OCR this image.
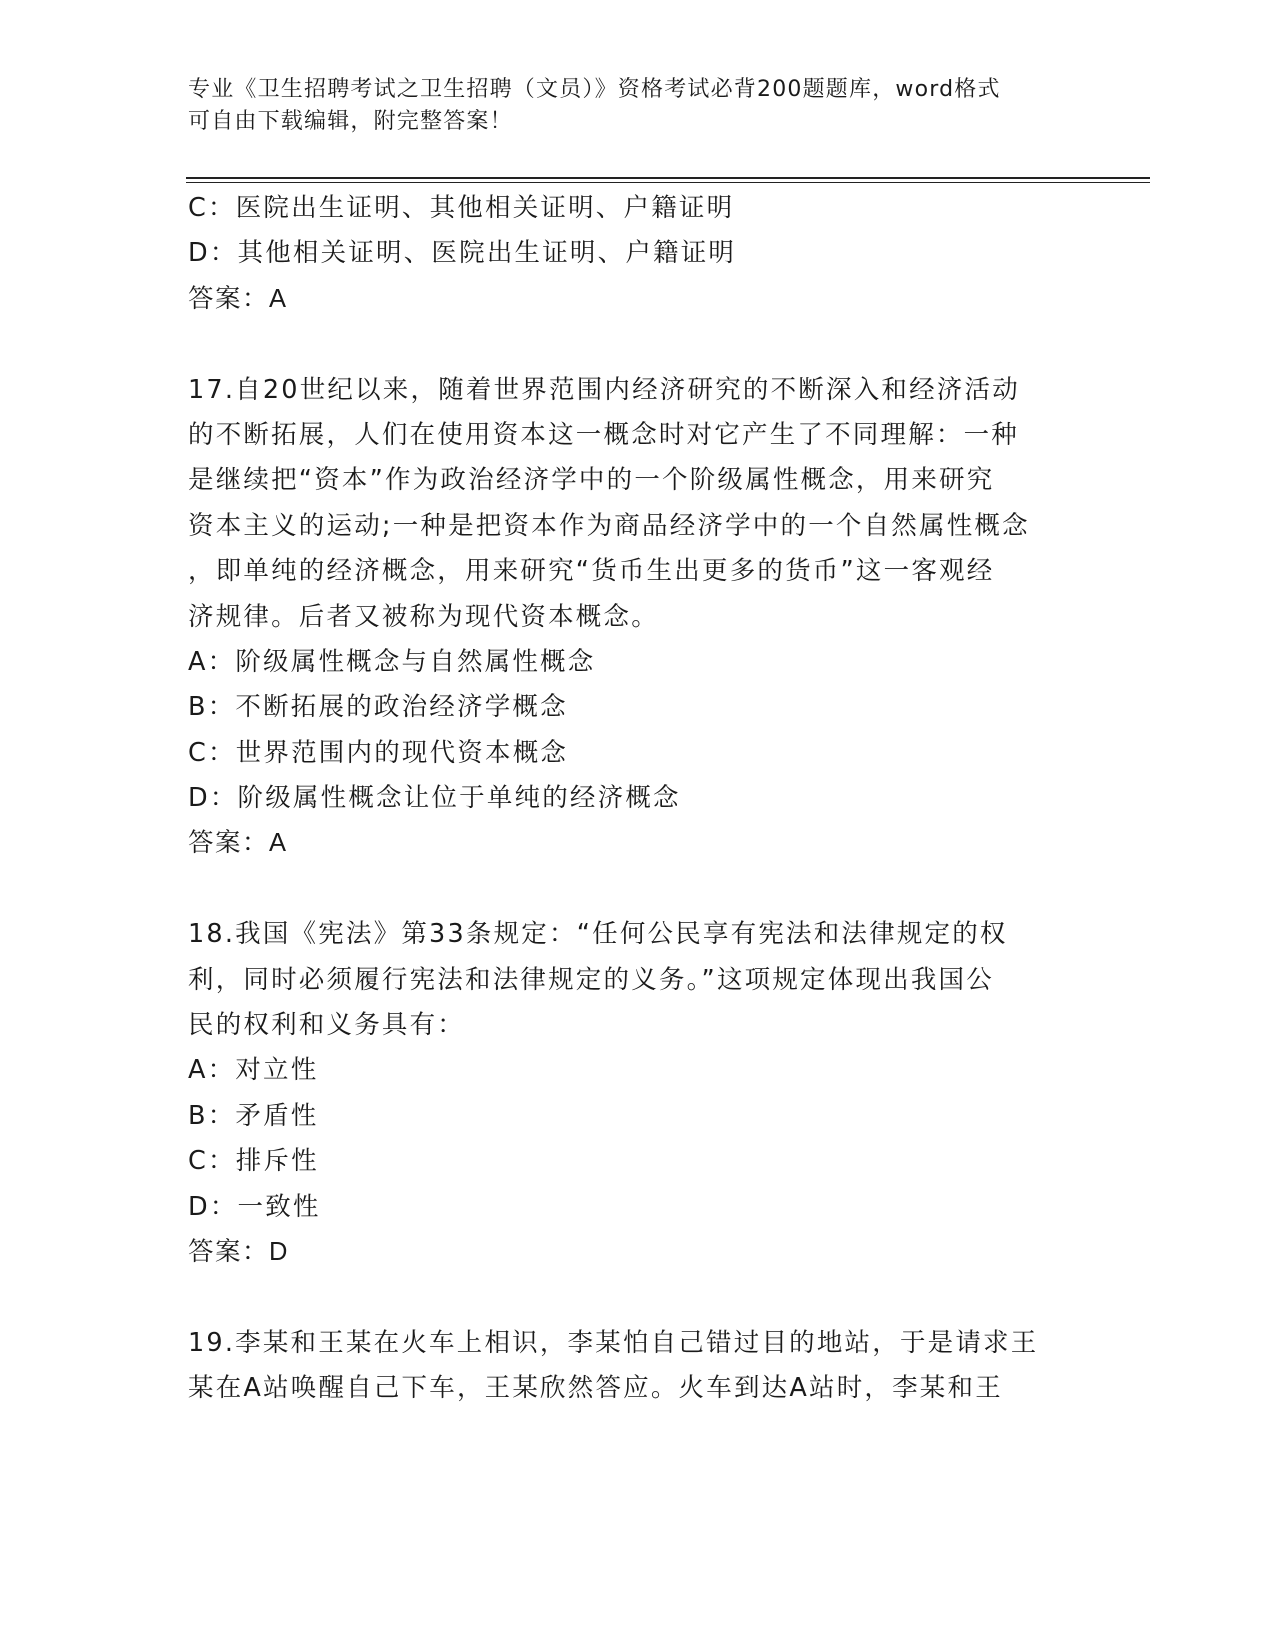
专业《卫生招聘考试之卫生招聘（文员）》资格考试必背200题题库，word格式
可自由下载编辑，附完整答案！
C：医院出生证明、其他相关证明、户籍证明
D：其他相关证明、医院出生证明、户籍证明
答案：A
17.自20世纪以来，随着世界范围内经济研究的不断深入和经济活动
的不断拓展，人们在使用资本这一概念时对它产生了不同理解：一种
是继续把“资本”作为政治经济学中的一个阶级属性概念，用来研究
资本主义的运动;一种是把资本作为商品经济学中的一个自然属性概念
，即单纯的经济概念，用来研究“货币生出更多的货币”这一客观经
济规律。后者又被称为现代资本概念。
A：阶级属性概念与自然属性概念
B：不断拓展的政治经济学概念
C：世界范围内的现代资本概念
D：阶级属性概念让位于单纯的经济概念
答案：A
18.我国《宪法》第33条规定：“任何公民享有宪法和法律规定的权
利，同时必须履行宪法和法律规定的义务。”这项规定体现出我国公
民的权利和义务具有：
A：对立性
B：矛盾性
C：排斥性
D：一致性
答案：D
19.李某和王某在火车上相识，李某怕自己错过目的地站，于是请求王
某在A站唤醒自己下车，王某欣然答应。火车到达A站时，李某和王
